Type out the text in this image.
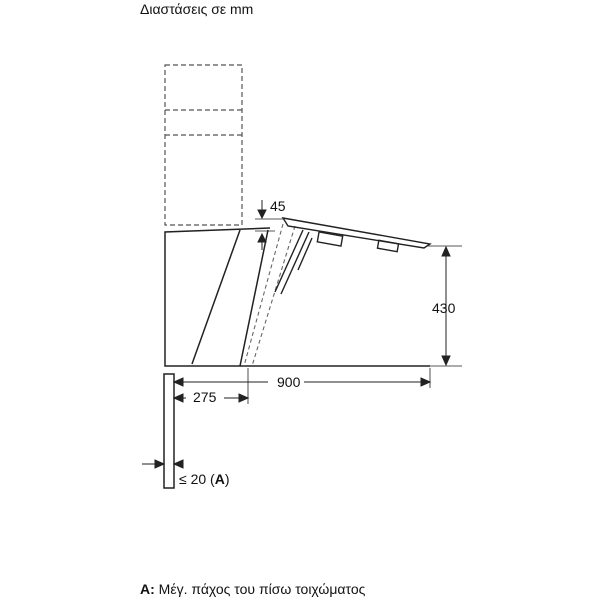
Διαστάσεις σε mm
45
430
900
275
≤ 20 (A)
A: Μέγ. πάχος του πίσω τοιχώματος
